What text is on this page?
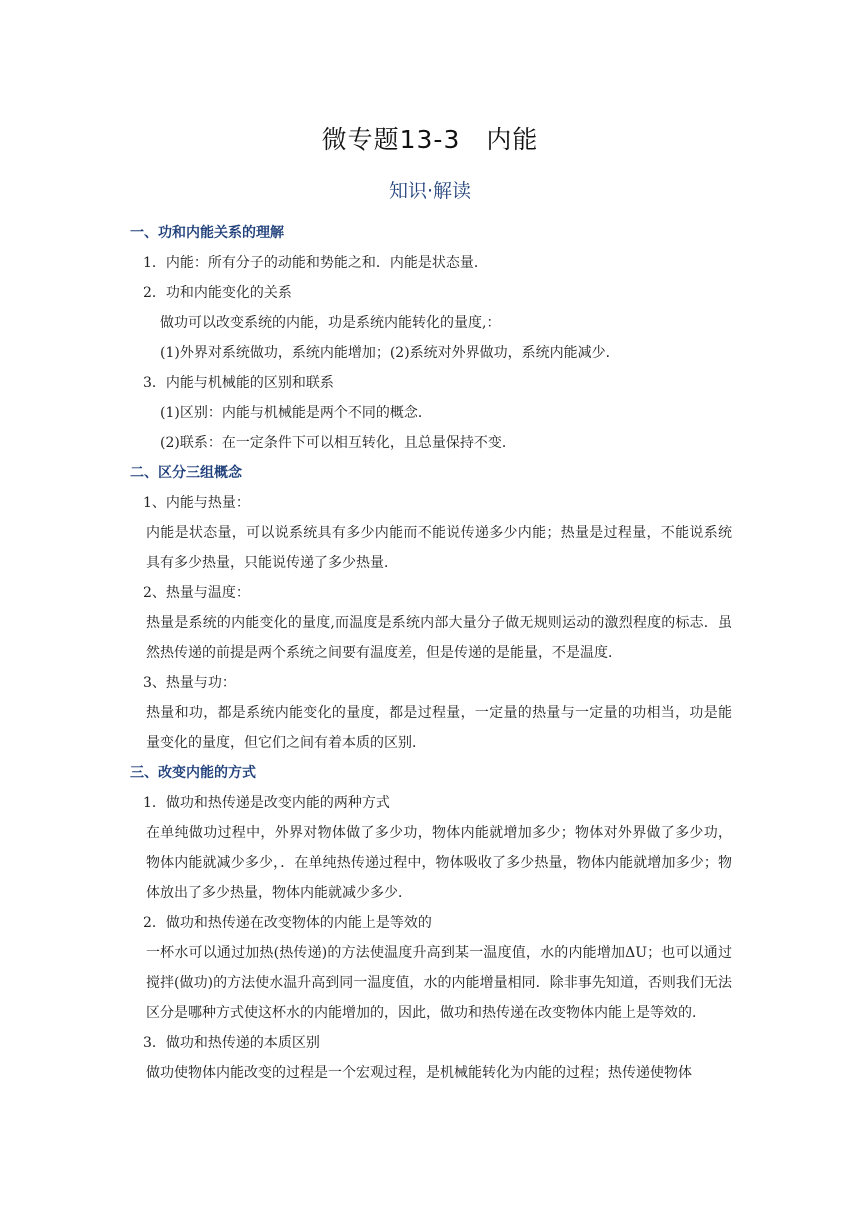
微专题13-3　内能
知识·解读
一、功和内能关系的理解
1．内能：所有分子的动能和势能之和．内能是状态量．
2．功和内能变化的关系
做功可以改变系统的内能，功是系统内能转化的量度,：
(1)外界对系统做功，系统内能增加；(2)系统对外界做功，系统内能减少．
3．内能与机械能的区别和联系
(1)区别：内能与机械能是两个不同的概念．
(2)联系：在一定条件下可以相互转化，且总量保持不变．
二、区分三组概念
1、内能与热量：
内能是状态量，可以说系统具有多少内能而不能说传递多少内能；热量是过程量，不能说系统具有多少热量，只能说传递了多少热量．
2、热量与温度：
热量是系统的内能变化的量度,而温度是系统内部大量分子做无规则运动的激烈程度的标志．虽然热传递的前提是两个系统之间要有温度差，但是传递的是能量，不是温度．
3、热量与功：
热量和功，都是系统内能变化的量度，都是过程量，一定量的热量与一定量的功相当，功是能量变化的量度，但它们之间有着本质的区别．
三、改变内能的方式
1．做功和热传递是改变内能的两种方式
在单纯做功过程中，外界对物体做了多少功，物体内能就增加多少；物体对外界做了多少功，物体内能就减少多少，．在单纯热传递过程中，物体吸收了多少热量，物体内能就增加多少；物体放出了多少热量，物体内能就减少多少．
2．做功和热传递在改变物体的内能上是等效的
一杯水可以通过加热(热传递)的方法使温度升高到某一温度值，水的内能增加ΔU；也可以通过搅拌(做功)的方法使水温升高到同一温度值，水的内能增量相同．除非事先知道，否则我们无法区分是哪种方式使这杯水的内能增加的，因此，做功和热传递在改变物体内能上是等效的．
3．做功和热传递的本质区别
做功使物体内能改变的过程是一个宏观过程，是机械能转化为内能的过程；热传递使物体
